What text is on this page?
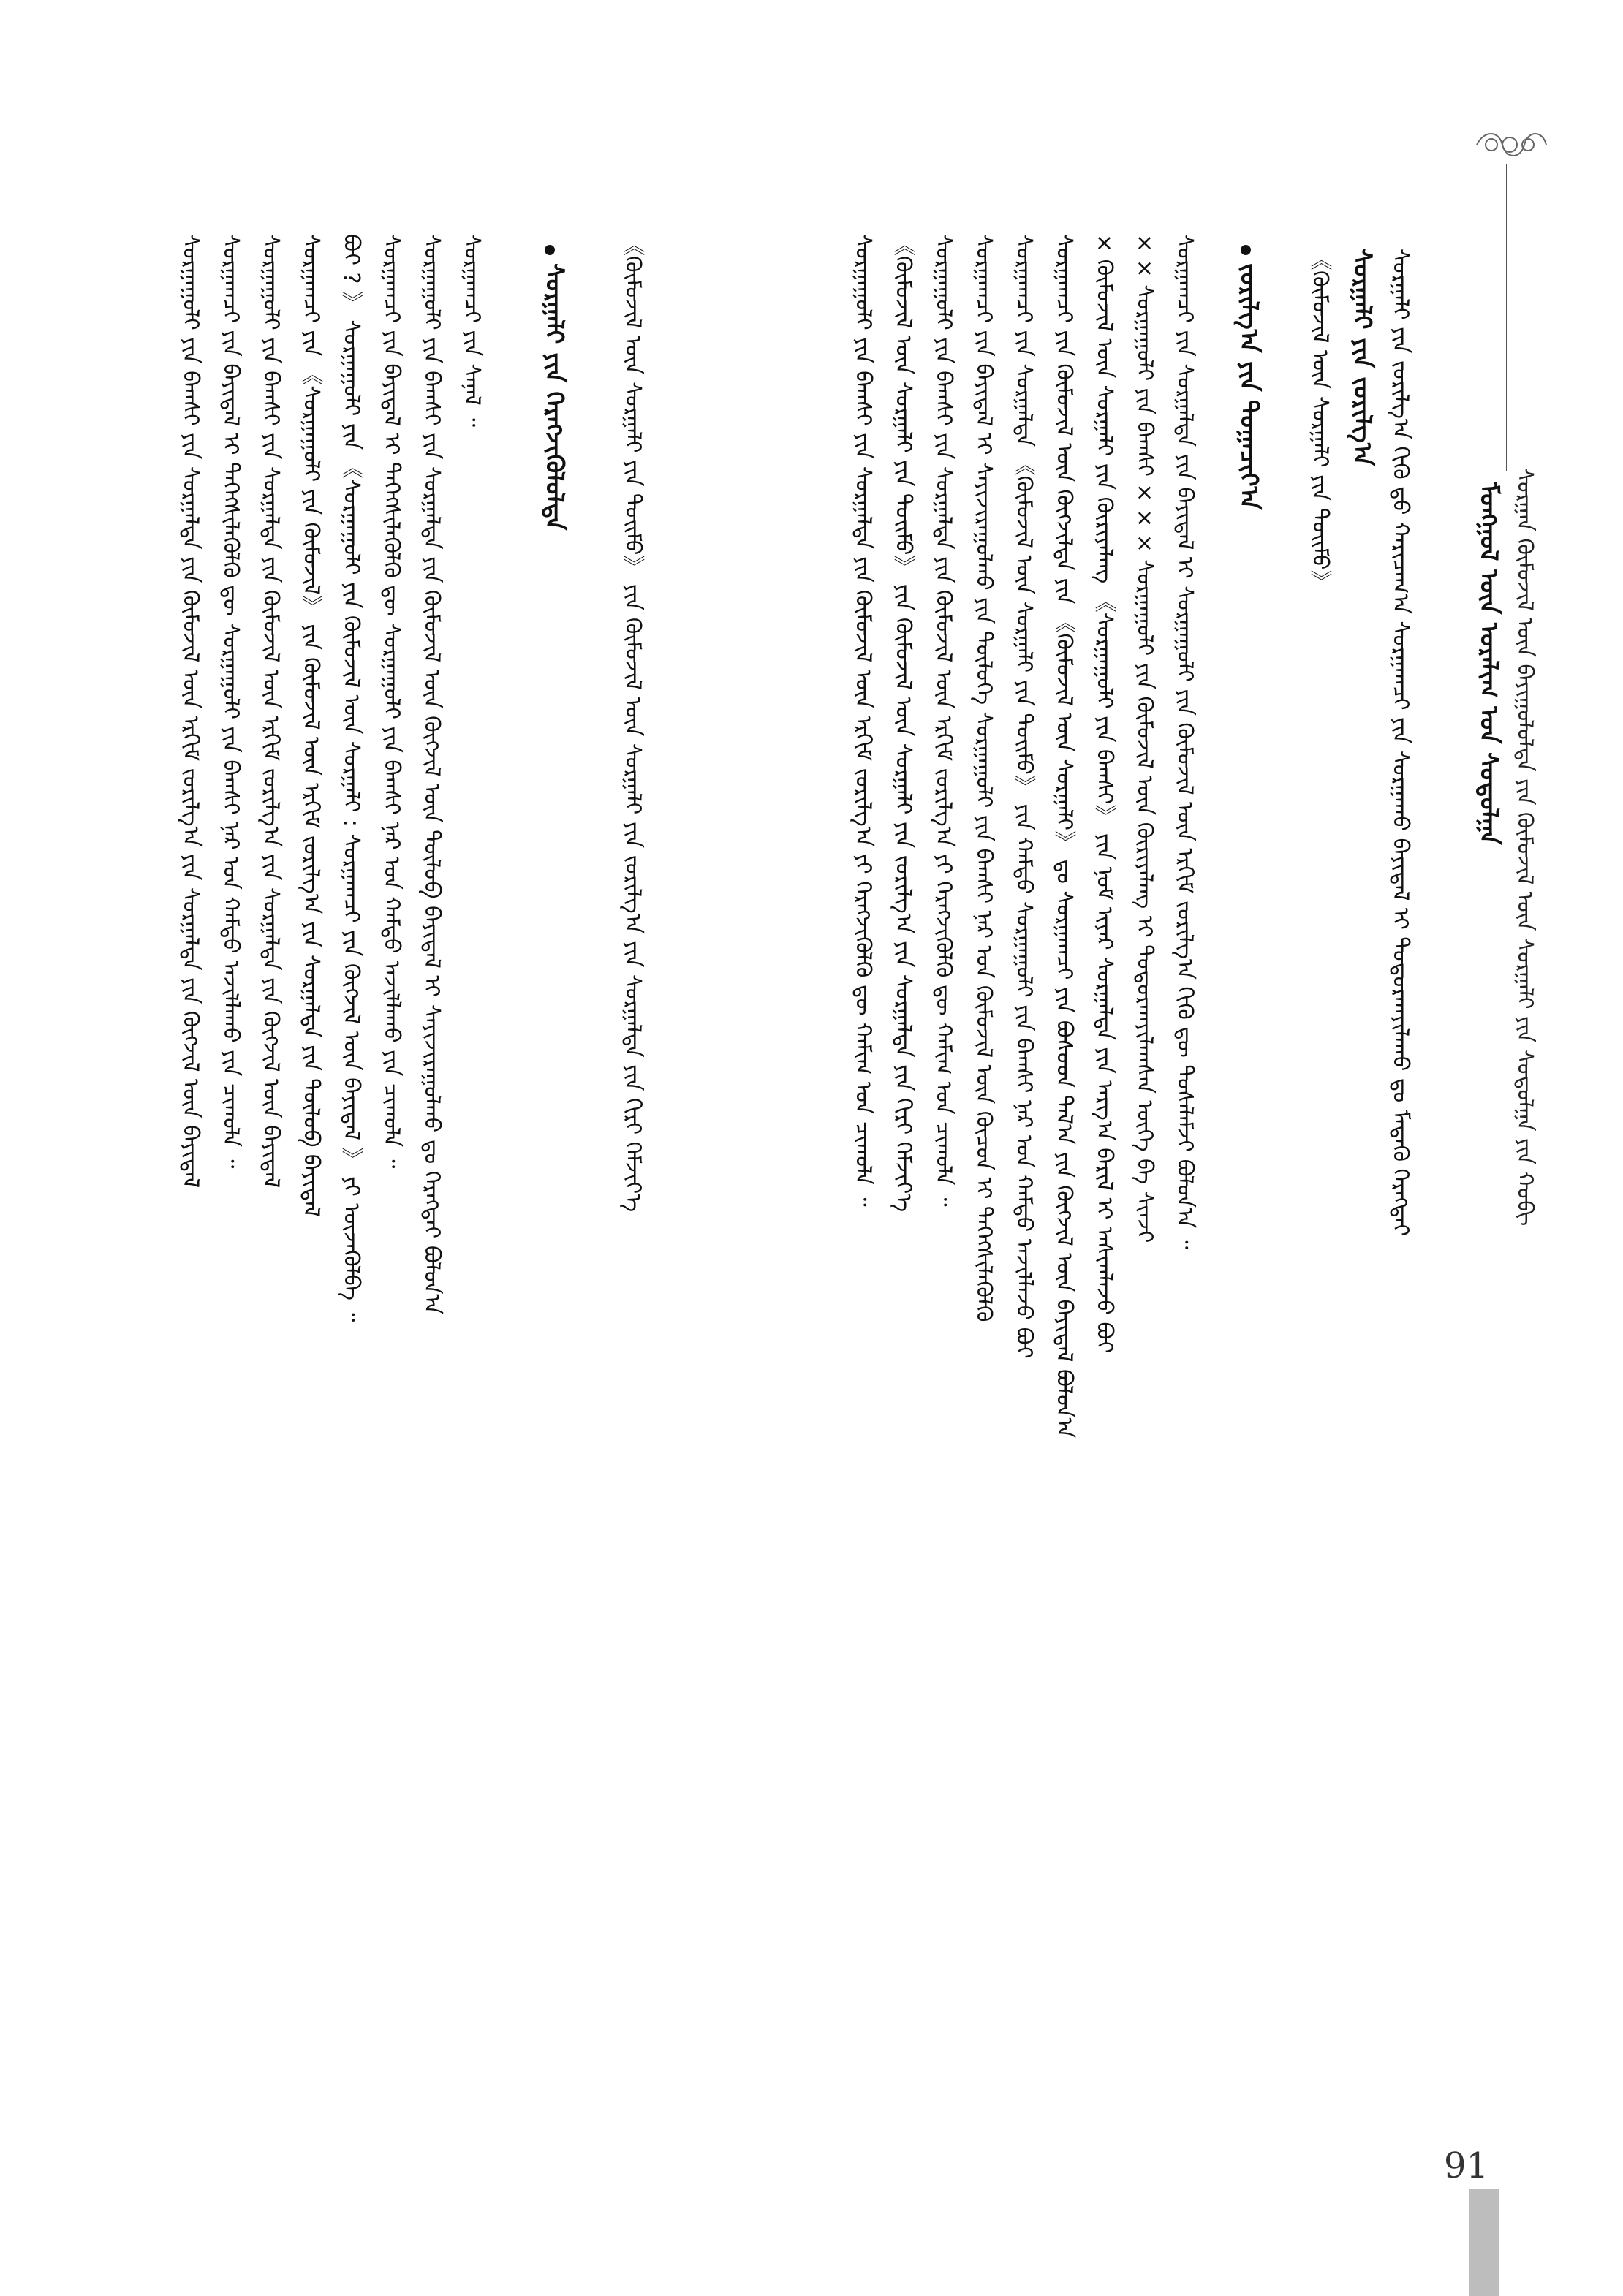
ᠮᠣᠩᠭᠣᠯ ᠦᠨ ᠤᠷᠠᠯᠢᠭ ᠤᠨ ᠰᠤᠳᠤᠯᠭᠠ ᠰᠤᠷᠭᠠᠨ ᠬᠦᠮᠦᠵᠢᠯ ᠦᠨ ᠪᠠᠶᠢᠭᠤᠯᠤᠯᠲᠠ ᠶᠢᠨ ᠬᠦᠮᠦᠵᠢᠯ ᠦᠨ ᠰᠤᠷᠭᠠᠯᠢ ᠶᠢᠨ ᠰᠤᠳᠤᠯᠭᠠ ᠶᠢᠨ ᠬᠤᠪᠢ
ᠰᠤᠷᠭᠠᠯᠢ ᠶᠢᠨ ᠵᠣᠷᠢᠯᠭ᠎ᠠ ᠬᠢᠬᠦ ᠳ᠋ᠤ ᠬᠠᠷᠢᠴᠠᠭ᠎ᠠ ᠰᠤᠷᠭᠠᠭᠴᠢ ᠶᠢᠨ ᠰᠤᠷᠭᠠᠬᠤ ᠪᠠᠶᠢᠳᠠᠯ ᠢ ᠲᠣᠳᠤᠷᠬᠠᠶᠢᠯᠠᠬᠤ ᠳᠤ ᠮᠡᠳᠡᠬᠦ ᠬᠡᠷᠡᠭᠲᠡᠢ
ᠰᠤᠷᠭᠠᠯᠢ ᠶᠢᠨ ᠵᠣᠷᠢᠯᠭ᠎ᠠ
《ᠬᠦᠮᠦᠵᠢᠯ ᠦᠨ ᠰᠤᠷᠭᠠᠯᠢ ᠶᠢᠨ ᠲᠣᠢᠮᠤ》
ᠵᠣᠷᠢᠯᠭ᠎ᠠ ᠶᠢᠨ ᠲᠣᠭᠠᠴᠢᠶ᠎ᠠ
ᠰᠤᠷᠭᠠᠭᠴᠢ ᠶᠢᠨ ᠰᠤᠷᠭᠠᠯᠲᠠ ᠶᠢᠨ ᠪᠠᠶᠢᠳᠠᠯ ᠢ ᠰᠤᠷᠭᠠᠭᠤᠯᠢ ᠶᠢᠨ ᠬᠦᠮᠦᠵᠢᠯ ᠦᠨ ᠡᠷᠬᠢᠮ ᠵᠣᠷᠢᠯᠭ᠎ᠠ ᠬᠢᠬᠦ ᠳᠦ ᠲᠤᠰᠠᠯᠠᠮᠵᠢ ᠪᠣᠯᠤᠨ᠎ᠠ ᠃
× × ᠰᠤᠷᠭᠠᠭᠤᠯᠢ ᠶᠢᠨ ᠪᠠᠭᠰᠢ × × × ᠰᠤᠷᠭᠠᠭᠤᠯᠢ ᠶᠢᠨ ᠬᠦᠮᠦᠵᠢᠯ ᠦᠨ ᠬᠦᠷᠢᠶᠡᠯᠡᠩ ᠢ ᠲᠣᠳᠤᠷᠬᠠᠶᠢᠯᠠᠭᠰᠠᠨ ᠦᠭᠡ ᠪᠠ ᠰᠢᠨᠵᠢ
× ᠬᠦᠮᠦᠵᠢᠯ ᠦᠨ ᠰᠤᠷᠭᠠᠯᠢ ᠶᠢᠨ ᠬᠦᠷᠢᠶᠡᠯᠡᠩ 《ᠰᠤᠷᠭᠠᠭᠤᠯᠢ ᠶᠢᠨ ᠪᠠᠭᠰᠢ》 ᠶᠢᠨ ᠨᠣᠮ ᠢᠶᠡᠷ ᠰᠤᠷᠭᠠᠯᠲᠠ ᠶᠢᠨ ᠠᠷᠭ᠎ᠠ ᠪᠠᠷᠢᠯ ᠢ ᠠᠰᠢᠭᠯᠠᠵᠤ ᠪᠣᠢ
ᠰᠤᠷᠭᠠᠭᠴᠢ ᠶᠢᠨ ᠬᠦᠮᠦᠵᠢᠯ ᠦᠨ ᠬᠦᠭᠵᠢᠯᠲᠡ ᠶᠢᠨ 《ᠬᠦᠮᠦᠵᠢᠯ ᠦᠨ ᠰᠤᠷᠭᠠᠯᠢ》 ᠳᠤ ᠰᠤᠷᠭᠠᠭᠴᠢ ᠶᠢᠨ ᠪᠤᠰᠤᠳ ᠲᠠᠯ᠎ᠠ ᠶᠢᠨ ᠬᠥᠭᠵᠢᠯ ᠦᠨ ᠪᠠᠶᠢᠳᠠᠯ ᠪᠣᠯᠤᠨ᠎ᠠ
ᠰᠤᠷᠭᠠᠭᠴᠢ ᠶᠢᠨ ᠰᠤᠷᠭᠠᠯᠲᠠ 《ᠬᠦᠮᠦᠵᠢᠯ ᠦᠨ ᠰᠤᠷᠭᠠᠯᠢ ᠶᠢᠨ ᠲᠣᠢᠮᠤ》 ᠶᠢᠨ ᠬᠠᠮᠲᠤ ᠰᠤᠷᠭᠠᠭᠤᠯᠢ ᠶᠢᠨ ᠪᠠᠭᠰᠢ ᠨᠠᠷ ᠤᠨ ᠬᠠᠮᠲᠤ ᠠᠵᠢᠯᠯᠠᠵᠤ ᠪᠣᠢ
ᠰᠤᠷᠭᠠᠭᠴᠢ ᠶᠢᠨ ᠪᠠᠶᠢᠳᠠᠯ ᠢ ᠰᠠᠶᠢᠵᠢᠷᠠᠭᠤᠯᠬᠤ ᠶᠢᠨ ᠲᠥᠯᠥᠭᠡ ᠰᠤᠷᠭᠠᠭᠤᠯᠢ ᠶᠢᠨ ᠪᠠᠭᠰᠢ ᠨᠠᠷ ᠤᠨ ᠬᠦᠮᠦᠵᠢᠯ ᠦᠨ ᠬᠦᠴᠦᠨ ᠢ ᠳᠡᠭᠡᠭᠰᠢᠯᠡᠭᠦᠯᠬᠦ
ᠰᠤᠷᠭᠠᠭᠤᠯᠢ ᠶᠢᠨ ᠪᠠᠭᠰᠢ ᠶᠢᠨ ᠰᠤᠷᠭᠠᠯᠲᠠ ᠶᠢᠨ ᠬᠦᠮᠦᠵᠢᠯ ᠦᠨ ᠡᠷᠬᠢᠮ ᠵᠣᠷᠢᠯᠭ᠎ᠠ ᠶᠢ ᠬᠡᠷᠡᠭᠵᠢᠭᠦᠯᠬᠦ ᠳᠦ ᠬᠠᠮᠢᠭ ᠤᠨ ᠴᠢᠬᠤᠯᠠ ᠃
《ᠬᠦᠮᠦᠵᠢᠯ ᠦᠨ ᠰᠤᠷᠭᠠᠯᠢ ᠶᠢᠨ ᠲᠣᠢᠮᠤ》 ᠶᠢᠨ ᠬᠦᠮᠦᠵᠢᠯ ᠦᠨ ᠰᠤᠷᠭᠠᠯᠢ ᠶᠢᠨ ᠵᠣᠷᠢᠯᠭ᠎ᠠ ᠶᠢᠨ ᠰᠤᠷᠭᠠᠯᠲᠠ ᠶᠢᠨ ᠬᠢᠷᠢ ᠬᠡᠮᠵᠢᠶ᠎ᠡ
ᠰᠤᠷᠭᠠᠭᠤᠯᠢ ᠶᠢᠨ ᠪᠠᠭᠰᠢ ᠶᠢᠨ ᠰᠤᠷᠭᠠᠯᠲᠠ ᠶᠢᠨ ᠬᠦᠮᠦᠵᠢᠯ ᠦᠨ ᠡᠷᠬᠢᠮ ᠵᠣᠷᠢᠯᠭ᠎ᠠ ᠶᠢ ᠬᠡᠷᠡᠭᠵᠢᠭᠦᠯᠬᠦ ᠳᠦ ᠬᠠᠮᠢᠭ ᠤᠨ ᠴᠢᠬᠤᠯᠠ ᠃
《ᠬᠦᠮᠦᠵᠢᠯ ᠦᠨ ᠰᠤᠷᠭᠠᠯᠢ ᠶᠢᠨ ᠲᠣᠢᠮᠤ》 ᠶᠢᠨ ᠬᠦᠮᠦᠵᠢᠯ ᠦᠨ ᠰᠤᠷᠭᠠᠯᠢ ᠶᠢᠨ ᠵᠣᠷᠢᠯᠭ᠎ᠠ ᠶᠢᠨ ᠰᠤᠷᠭᠠᠯᠲᠠ ᠶᠢᠨ ᠬᠢᠷᠢ ᠬᠡᠮᠵᠢᠶ᠎ᠡ
ᠰᠤᠷᠭᠠᠯᠢ ᠶᠢᠨ ᠬᠡᠷᠡᠭᠵᠢᠭᠦᠯᠦᠯᠲᠡ
ᠰᠤᠷᠭᠠᠭᠴᠢ ᠶᠢᠨ ᠰᠠᠨᠠᠯ ᠃
ᠰᠤᠷᠭᠠᠭᠤᠯᠢ ᠶᠢᠨ ᠪᠠᠭᠰᠢ ᠶᠢᠨ ᠰᠤᠷᠭᠠᠯᠲᠠ ᠶᠢᠨ ᠬᠦᠮᠦᠵᠢᠯ ᠦᠨ ᠬᠥᠭᠵᠢᠯ ᠦᠨ ᠲᠥᠯᠥᠪ ᠪᠠᠶᠢᠳᠠᠯ ᠢ ᠰᠠᠶᠢᠵᠢᠷᠠᠭᠤᠯᠬᠤ ᠳᠤ ᠬᠡᠷᠡᠭᠲᠡᠢ ᠪᠣᠯᠤᠨ᠎ᠠ
ᠰᠤᠷᠭᠠᠭᠴᠢ ᠶᠢᠨ ᠪᠠᠶᠢᠳᠠᠯ ᠢ ᠳᠡᠭᠡᠭᠰᠢᠯᠡᠭᠦᠯᠬᠦ ᠳᠦ ᠰᠤᠷᠭᠠᠭᠤᠯᠢ ᠶᠢᠨ ᠪᠠᠭᠰᠢ ᠨᠠᠷ ᠤᠨ ᠬᠠᠮᠲᠤ ᠠᠵᠢᠯᠯᠠᠬᠤ ᠶᠢᠨ ᠴᠢᠬᠤᠯᠠ ᠃
ᠪᠣᠢ ? 》 ᠰᠤᠷᠭᠠᠭᠤᠯᠢ ᠶᠢᠨ 《ᠰᠤᠷᠭᠠᠭᠤᠯᠢ ᠶᠢᠨ ᠬᠦᠮᠦᠵᠢᠯ ᠦᠨ ᠰᠤᠷᠭᠠᠯᠢ : ᠰᠤᠷᠭᠠᠭᠴᠢ ᠶᠢᠨ ᠬᠥᠭᠵᠢᠯ ᠦᠨ ᠪᠠᠶᠢᠳᠠᠯ 》 ᠶᠢ ᠦᠵᠡᠭᠦᠯᠪᠡ ᠃
ᠰᠤᠷᠭᠠᠭᠴᠢ ᠶᠢᠨ 《ᠰᠤᠷᠭᠠᠭᠤᠯᠢ ᠶᠢᠨ ᠬᠦᠮᠦᠵᠢᠯ》 ᠶᠢᠨ ᠬᠦᠮᠦᠵᠢᠯ ᠦᠨ ᠡᠷᠬᠢᠮ ᠵᠣᠷᠢᠯᠭ᠎ᠠ ᠶᠢᠨ ᠰᠤᠷᠭᠠᠯᠲᠠ ᠶᠢᠨ ᠲᠥᠯᠥᠪ ᠪᠠᠶᠢᠳᠠᠯ
ᠰᠤᠷᠭᠠᠭᠤᠯᠢ ᠶᠢᠨ ᠪᠠᠭᠰᠢ ᠶᠢᠨ ᠰᠤᠷᠭᠠᠯᠲᠠ ᠶᠢᠨ ᠬᠦᠮᠦᠵᠢᠯ ᠦᠨ ᠡᠷᠬᠢᠮ ᠵᠣᠷᠢᠯᠭ᠎ᠠ ᠶᠢᠨ ᠰᠤᠷᠭᠠᠯᠲᠠ ᠶᠢᠨ ᠬᠥᠭᠵᠢᠯ ᠦᠨ ᠪᠠᠶᠢᠳᠠᠯ
ᠰᠤᠷᠭᠠᠭᠴᠢ ᠶᠢᠨ ᠪᠠᠶᠢᠳᠠᠯ ᠢ ᠳᠡᠭᠡᠭᠰᠢᠯᠡᠭᠦᠯᠬᠦ ᠳᠦ ᠰᠤᠷᠭᠠᠭᠤᠯᠢ ᠶᠢᠨ ᠪᠠᠭᠰᠢ ᠨᠠᠷ ᠤᠨ ᠬᠠᠮᠲᠤ ᠠᠵᠢᠯᠯᠠᠬᠤ ᠶᠢᠨ ᠴᠢᠬᠤᠯᠠ ᠃
ᠰᠤᠷᠭᠠᠭᠤᠯᠢ ᠶᠢᠨ ᠪᠠᠭᠰᠢ ᠶᠢᠨ ᠰᠤᠷᠭᠠᠯᠲᠠ ᠶᠢᠨ ᠬᠦᠮᠦᠵᠢᠯ ᠦᠨ ᠡᠷᠬᠢᠮ ᠵᠣᠷᠢᠯᠭ᠎ᠠ ᠶᠢᠨ ᠰᠤᠷᠭᠠᠯᠲᠠ ᠶᠢᠨ ᠬᠥᠭᠵᠢᠯ ᠦᠨ ᠪᠠᠶᠢᠳᠠᠯ
91
